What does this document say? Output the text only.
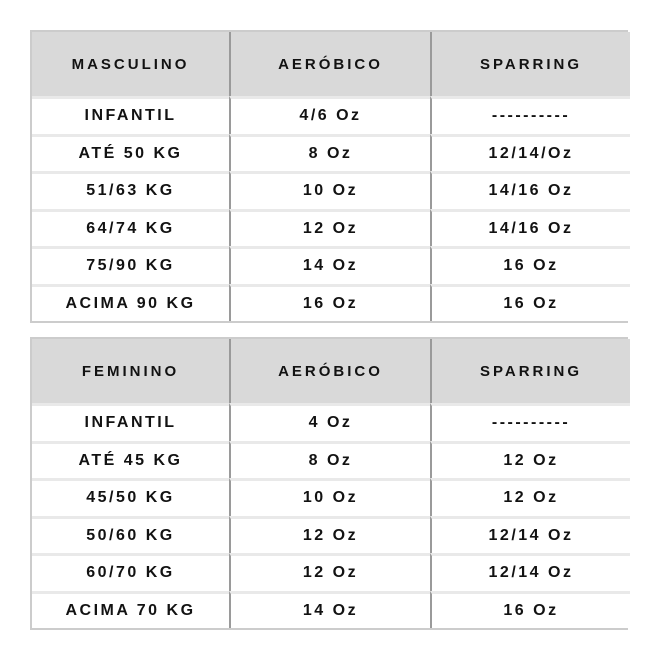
MASCULINO	AERÓBICO	SPARRING
INFANTIL	4/6 Oz	----------
ATÉ 50 KG	8 Oz	12/14/Oz
51/63 KG	10 Oz	14/16 Oz
64/74 KG	12 Oz	14/16 Oz
75/90 KG	14 Oz	16 Oz
ACIMA 90 KG	16 Oz	16 Oz
FEMININO	AERÓBICO	SPARRING
INFANTIL	4 Oz	----------
ATÉ 45 KG	8 Oz	12 Oz
45/50 KG	10 Oz	12 Oz
50/60 KG	12 Oz	12/14 Oz
60/70 KG	12 Oz	12/14 Oz
ACIMA 70 KG	14 Oz	16 Oz
